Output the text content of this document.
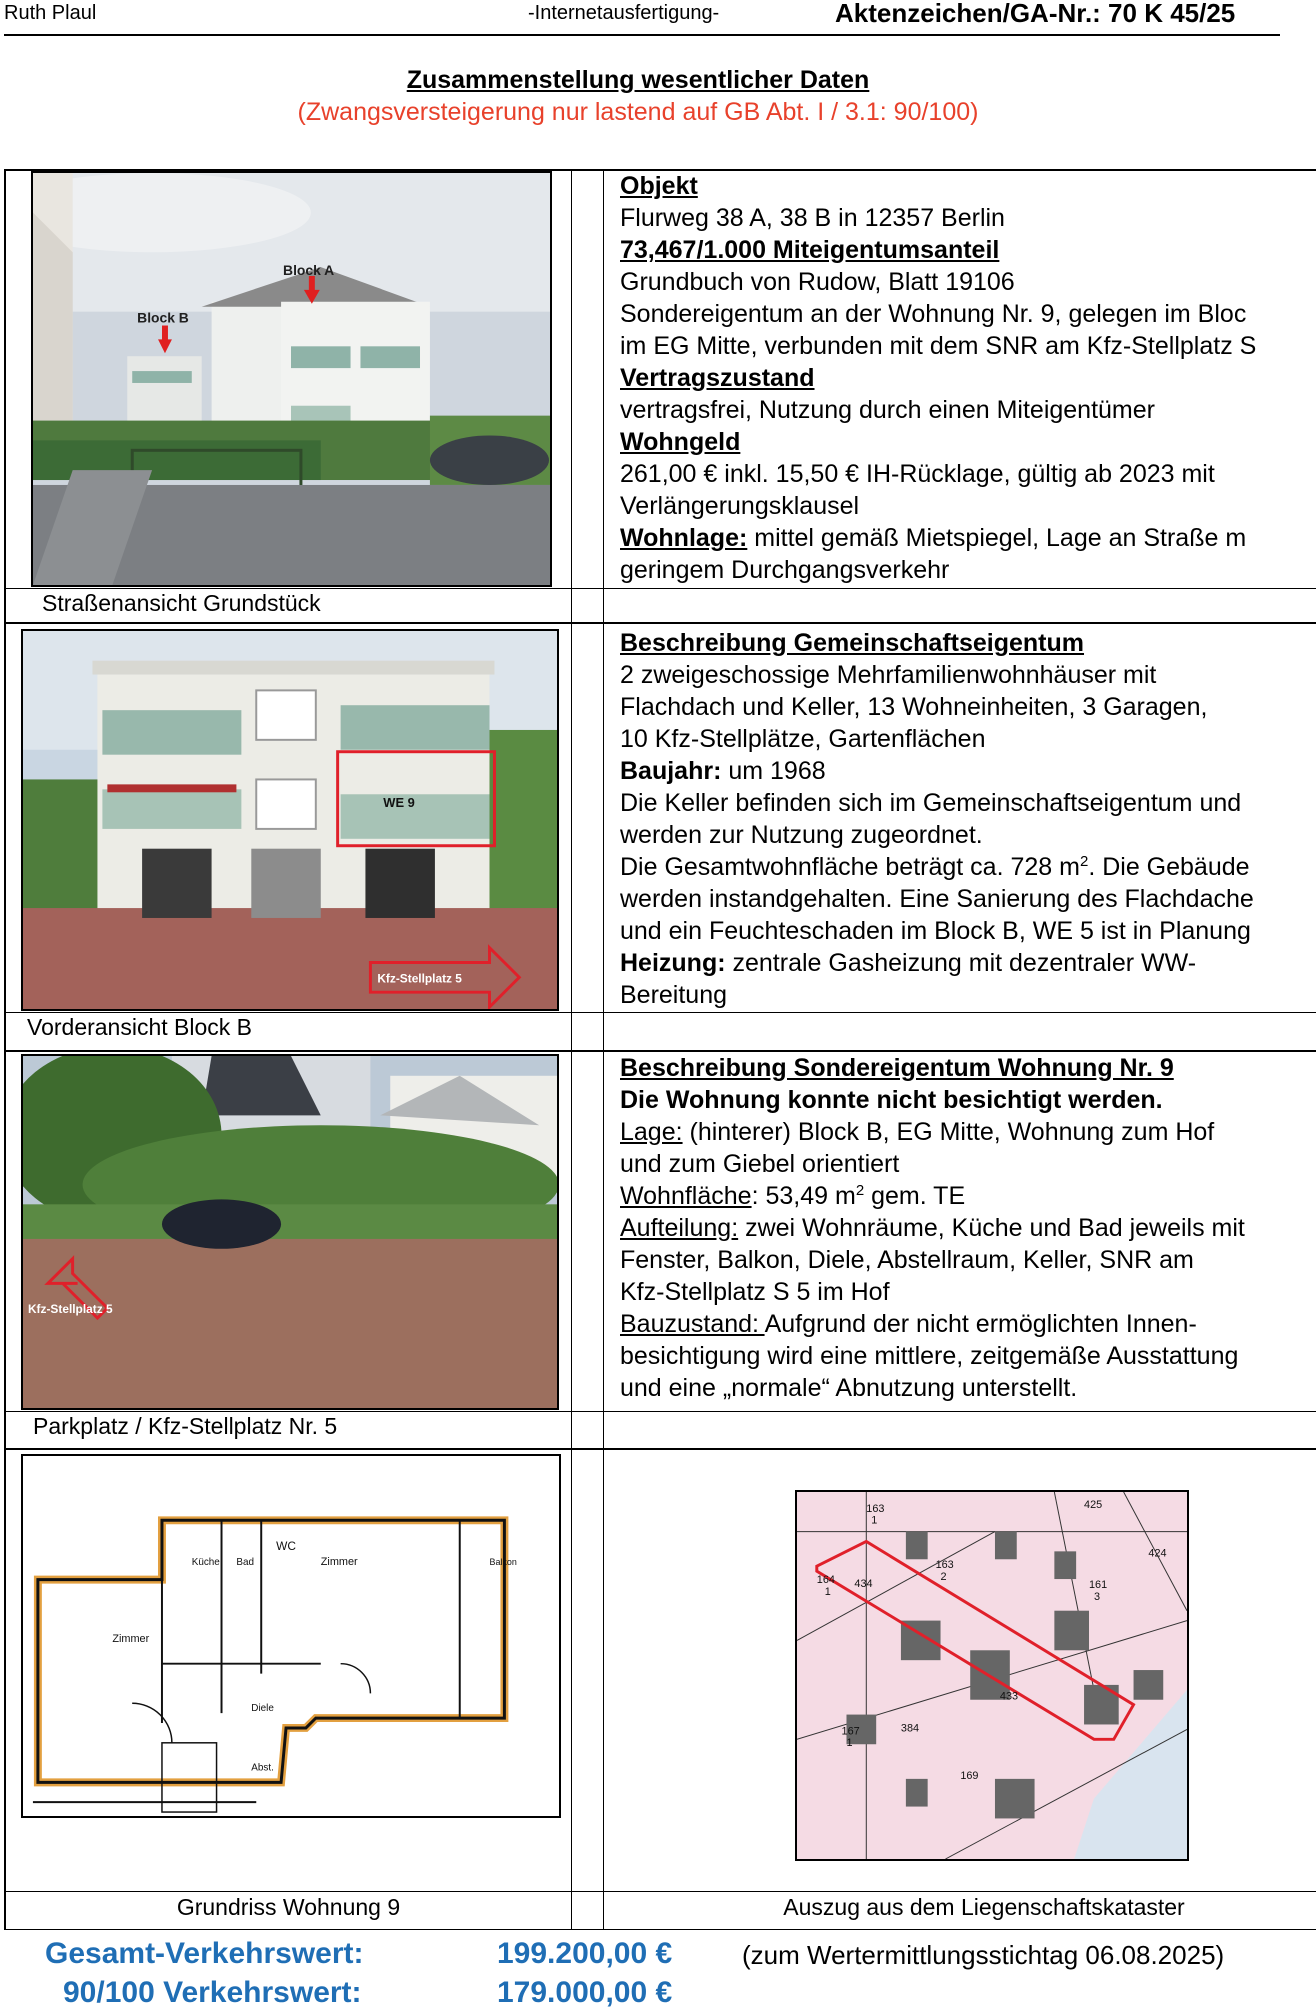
Ruth Plaul	-Internetausfertigung-	Aktenzeichen/GA-Nr.: 70 K 45/25
Zusammenstellung wesentlicher Daten
(Zwangsversteigerung nur lastend auf GB Abt. I / 3.1: 90/100)
Block A
Block B
Straßenansicht Grundstück
Objekt
Flurweg 38 A, 38 B in 12357 Berlin
73,467/1.000 Miteigentumsanteil
Grundbuch von Rudow, Blatt 19106
Sondereigentum an der Wohnung Nr. 9, gelegen im Bloc
im EG Mitte, verbunden mit dem SNR am Kfz-Stellplatz S
Vertragszustand
vertragsfrei, Nutzung durch einen Miteigentümer
Wohngeld
261,00 € inkl. 15,50 € IH-Rücklage, gültig ab 2023 mit
Verlängerungsklausel
Wohnlage: mittel gemäß Mietspiegel, Lage an Straße m
geringem Durchgangsverkehr
WE 9
Kfz-Stellplatz 5
Vorderansicht Block B
Beschreibung Gemeinschaftseigentum
2 zweigeschossige Mehrfamilienwohnhäuser mit
Flachdach und Keller, 13 Wohneinheiten, 3 Garagen,
10 Kfz-Stellplätze, Gartenflächen
Baujahr: um 1968
Die Keller befinden sich im Gemeinschaftseigentum und
werden zur Nutzung zugeordnet.
Die Gesamtwohnfläche beträgt ca. 728 $m^2$. Die Gebäude
werden instandgehalten. Eine Sanierung des Flachdache
und ein Feuchteschaden im Block B, WE 5 ist in Planung
Heizung: zentrale Gasheizung mit dezentraler WW-
Bereitung
Kfz-Stellplatz 5
Parkplatz / Kfz-Stellplatz Nr. 5
Beschreibung Sondereigentum Wohnung Nr. 9
Die Wohnung konnte nicht besichtigt werden.
Lage: (hinterer) Block B, EG Mitte, Wohnung zum Hof
und zum Giebel orientiert
Wohnfläche: 53,49 $m^2$ gem. TE
Aufteilung: zwei Wohnräume, Küche und Bad jeweils mit
Fenster, Balkon, Diele, Abstellraum, Keller, SNR am
Kfz-Stellplatz S 5 im Hof
Bauzustand: Aufgrund der nicht ermöglichten Innen-
besichtigung wird eine mittlere, zeitgemäße Ausstattung
und eine „normale“ Abnutzung unterstellt.
Küche Bad
WC
Zimmer	Balkon
Zimmer
Diele
Abst.
Grundriss Wohnung 9
425
424
434
433
384
169
163
1
163
2
164
1
161
3
167
1
Auszug aus dem Liegenschaftskataster
Gesamt-Verkehrswert:	199.200,00 €	(zum Wertermittlungsstichtag 06.08.2025)
90/100 Verkehrswert:	179.000,00 €
